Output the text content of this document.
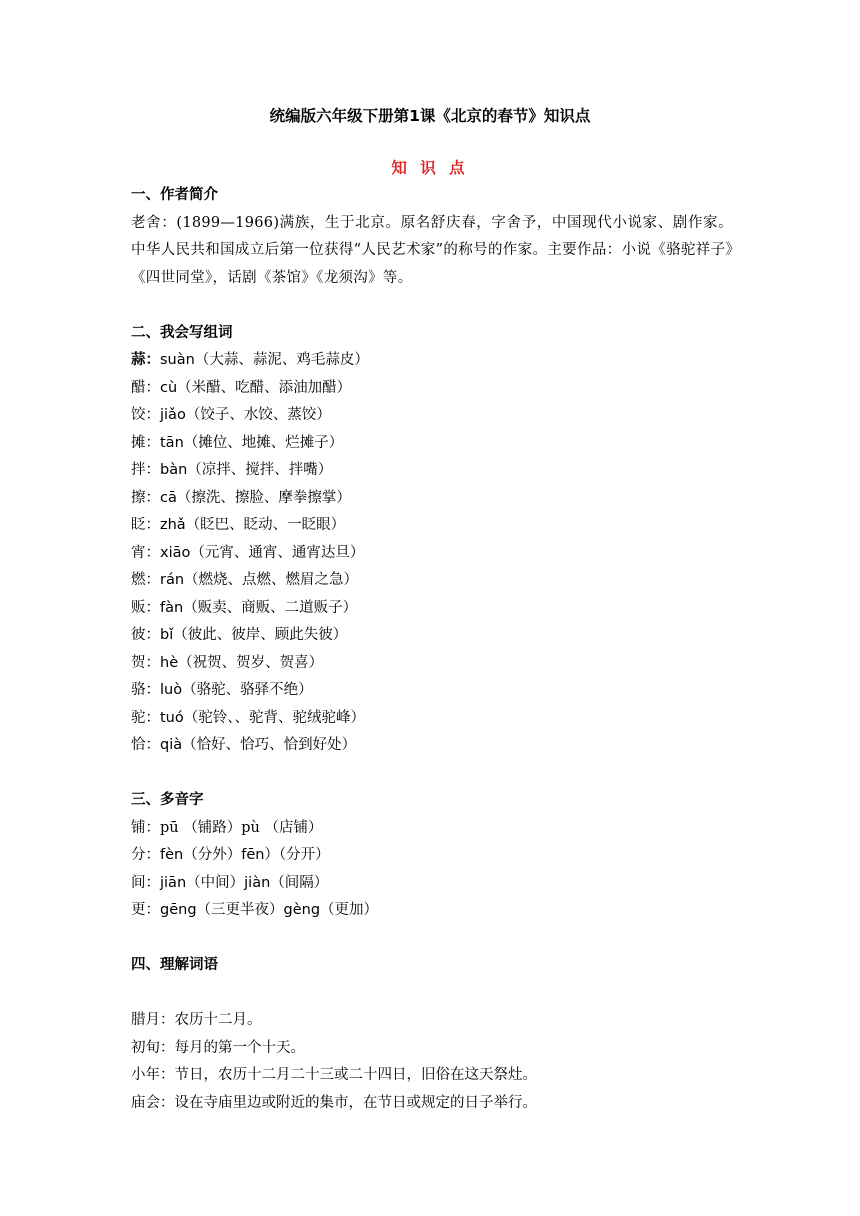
统编版六年级下册第1课《北京的春节》知识点
知 识 点
一、作者简介

老舍：(1899—1966)满族，生于北京。原名舒庆春，字舍予，中国现代小说家、剧作家。中华人民共和国成立后第一位获得“人民艺术家”的称号的作家。主要作品：小说《骆驼祥子》《四世同堂》，话剧《茶馆》《龙须沟》等。

二、我会写组词
蒜：suàn（大蒜、蒜泥、鸡毛蒜皮）
醋：cù（米醋、吃醋、添油加醋）
饺：jiǎo（饺子、水饺、蒸饺）
摊：tān（摊位、地摊、烂摊子）
拌：bàn（凉拌、搅拌、拌嘴）
擦：cā（擦洗、擦脸、摩拳擦掌）
眨：zhǎ（眨巴、眨动、一眨眼）
宵：xiāo（元宵、通宵、通宵达旦）
燃：rán（燃烧、点燃、燃眉之急）
贩：fàn（贩卖、商贩、二道贩子）
彼：bǐ（彼此、彼岸、顾此失彼）
贺：hè（祝贺、贺岁、贺喜）
骆：luò（骆驼、骆驿不绝）
驼：tuó（驼铃、、驼背、驼绒驼峰）
恰：qià（恰好、恰巧、恰到好处）
三、多音字
铺：pū （铺路）pù （店铺）
分：fèn（分外）fēn）（分开）
间：jiān（中间）jiàn（间隔）
更：gēng（三更半夜）gèng（更加）
四、理解词语
腊月：农历十二月。
初旬：每月的第一个十天。
小年：节日，农历十二月二十三或二十四日，旧俗在这天祭灶。
庙会：设在寺庙里边或附近的集市，在节日或规定的日子举行。
